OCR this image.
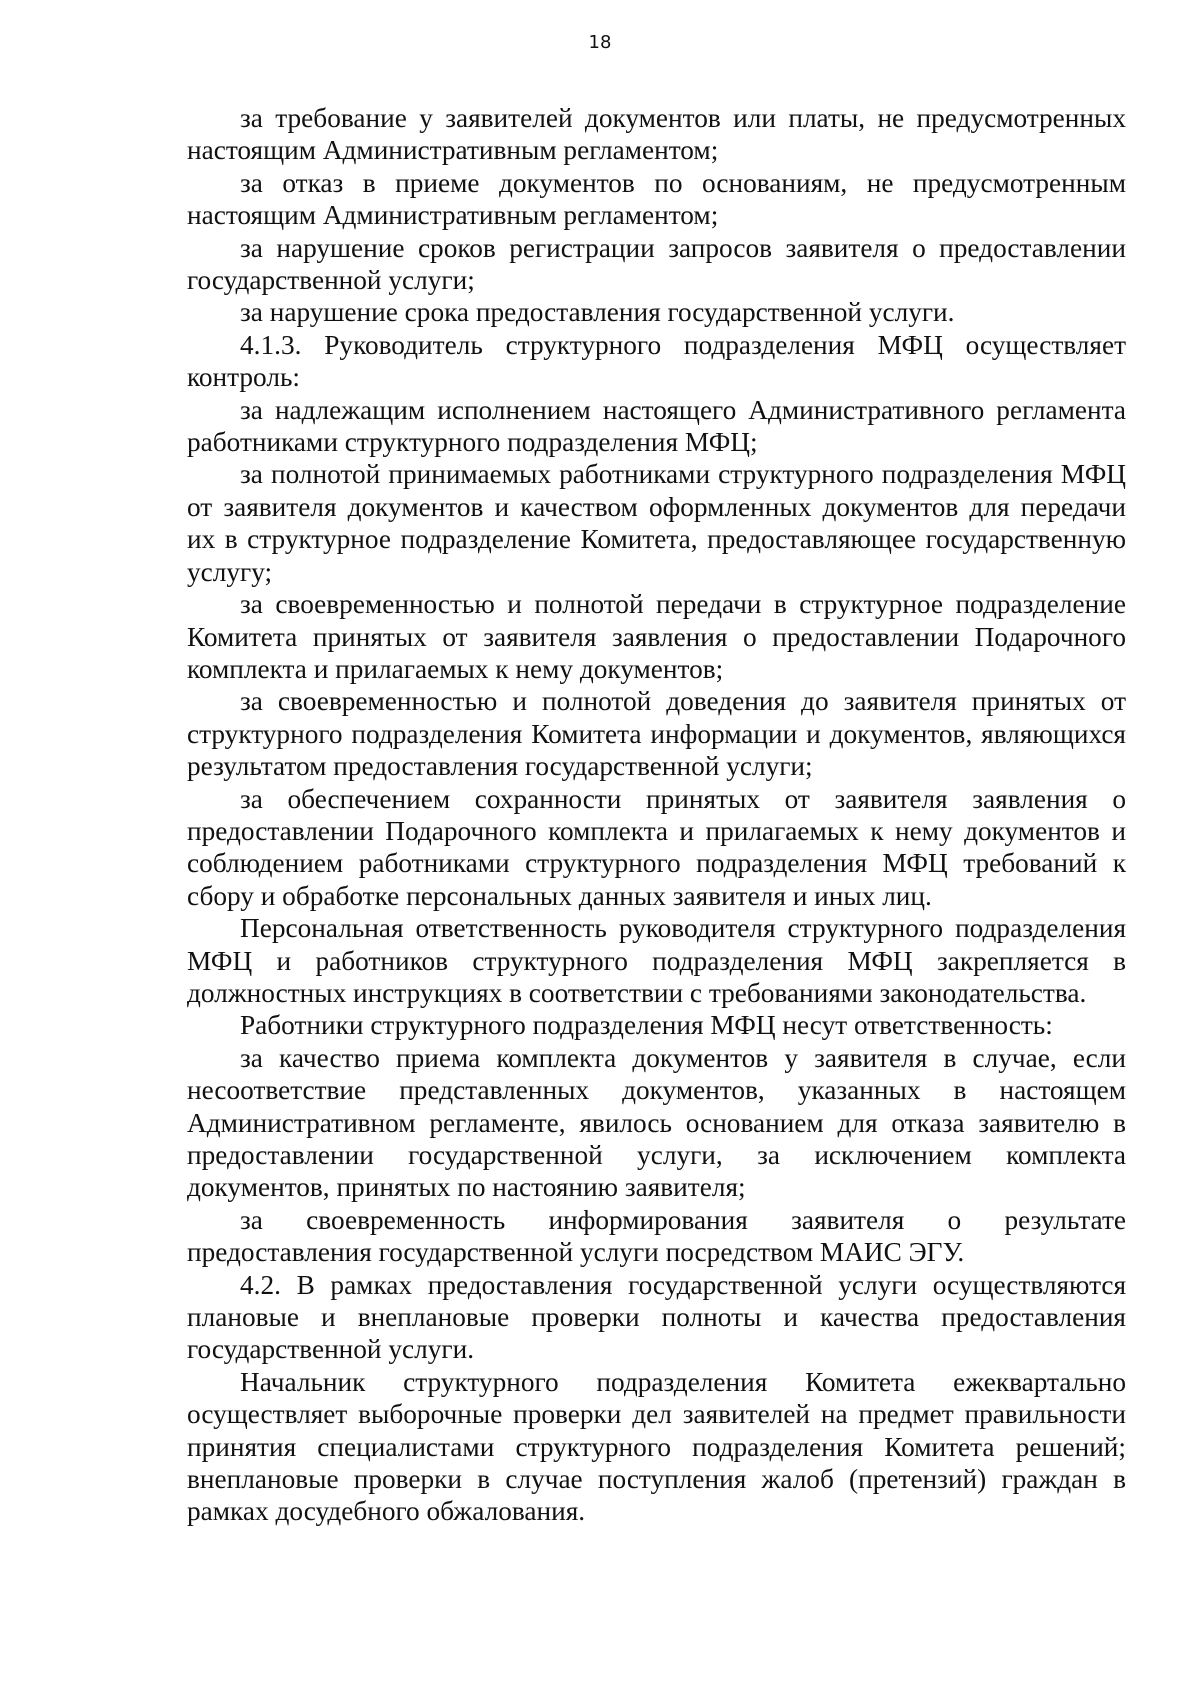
18

за требование у заявителей документов или платы, не предусмотренных настоящим Административным регламентом;

за отказ в приеме документов по основаниям, не предусмотренным настоящим Административным регламентом;

за нарушение сроков регистрации запросов заявителя о предоставлении государственной услуги;

за нарушение срока предоставления государственной услуги.

4.1.3. Руководитель структурного подразделения МФЦ осуществляет контроль:

за надлежащим исполнением настоящего Административного регламента работниками структурного подразделения МФЦ;

за полнотой принимаемых работниками структурного подразделения МФЦ от заявителя документов и качеством оформленных документов для передачи их в структурное подразделение Комитета, предоставляющее государственную услугу;

за своевременностью и полнотой передачи в структурное подразделение Комитета принятых от заявителя заявления о предоставлении Подарочного комплекта и прилагаемых к нему документов;

за своевременностью и полнотой доведения до заявителя принятых от структурного подразделения Комитета информации и документов, являющихся результатом предоставления государственной услуги;

за обеспечением сохранности принятых от заявителя заявления о предоставлении Подарочного комплекта и прилагаемых к нему документов и соблюдением работниками структурного подразделения МФЦ требований к сбору и обработке персональных данных заявителя и иных лиц.

Персональная ответственность руководителя структурного подразделения МФЦ и работников структурного подразделения МФЦ закрепляется в должностных инструкциях в соответствии с требованиями законодательства.

Работники структурного подразделения МФЦ несут ответственность:

за качество приема комплекта документов у заявителя в случае, если несоответствие представленных документов, указанных в настоящем Административном регламенте, явилось основанием для отказа заявителю в предоставлении государственной услуги, за исключением комплекта документов, принятых по настоянию заявителя;

за своевременность информирования заявителя о результате предоставления государственной услуги посредством МАИС ЭГУ.

4.2. В рамках предоставления государственной услуги осуществляются плановые и внеплановые проверки полноты и качества предоставления государственной услуги.

Начальник структурного подразделения Комитета ежеквартально осуществляет выборочные проверки дел заявителей на предмет правильности принятия специалистами структурного подразделения Комитета решений; внеплановые проверки в случае поступления жалоб (претензий) граждан в рамках досудебного обжалования.
